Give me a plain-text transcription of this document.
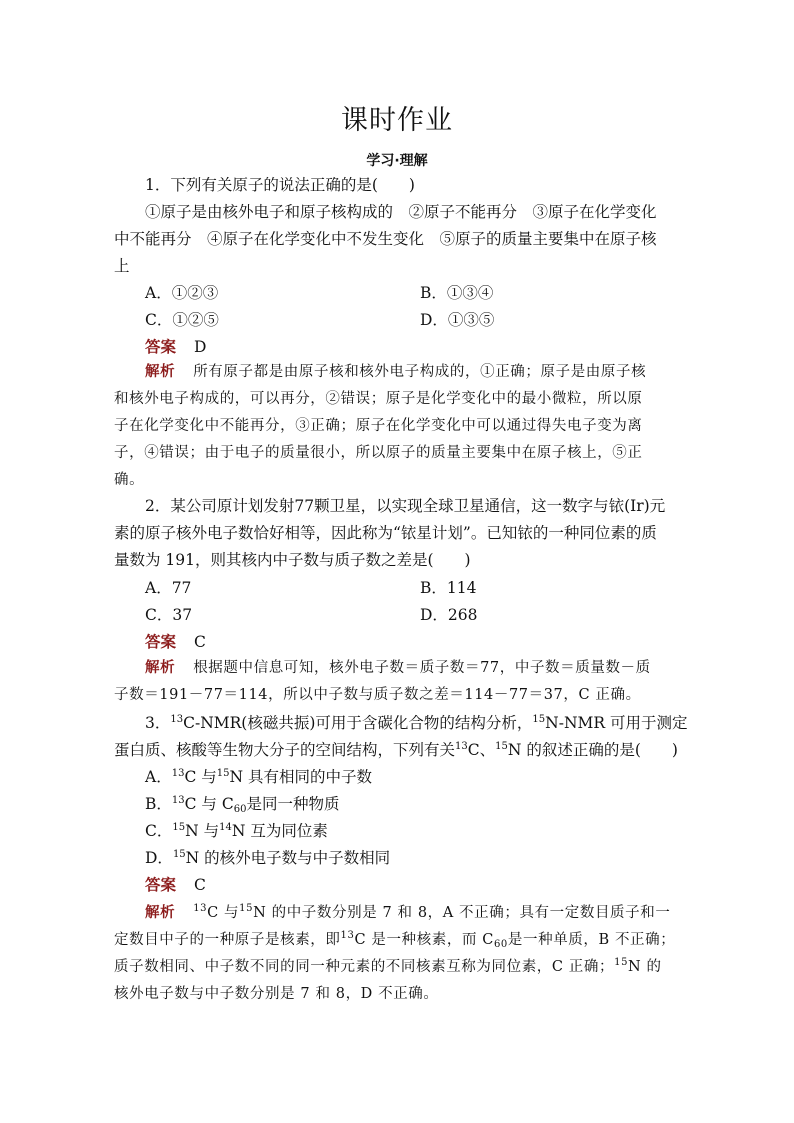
课时作业
学习·理解
1．下列有关原子的说法正确的是(　　)
①原子是由核外电子和原子核构成的　②原子不能再分　③原子在化学变化
中不能再分　④原子在化学变化中不发生变化　⑤原子的质量主要集中在原子核
上
A．①②③	B．①③④
C．①②⑤	D．①③⑤
答案 D
解析 所有原子都是由原子核和核外电子构成的，①正确；原子是由原子核
和核外电子构成的，可以再分，②错误；原子是化学变化中的最小微粒，所以原
子在化学变化中不能再分，③正确；原子在化学变化中可以通过得失电子变为离
子，④错误；由于电子的质量很小，所以原子的质量主要集中在原子核上，⑤正
确。
2．某公司原计划发射77颗卫星，以实现全球卫星通信，这一数字与铱(Ir)元
素的原子核外电子数恰好相等，因此称为“铱星计划”。已知铱的一种同位素的质
量数为 191，则其核内中子数与质子数之差是(　　)
A．77	B．114
C．37	D．268
答案 C
解析 根据题中信息可知，核外电子数＝质子数＝77，中子数＝质量数－质
子数＝191－77＝114，所以中子数与质子数之差＝114－77＝37，C 正确。
3．$^{13}$C-NMR(核磁共振)可用于含碳化合物的结构分析，$^{15}$N-NMR 可用于测定
蛋白质、核酸等生物大分子的空间结构，下列有关$^{13}$C、$^{15}$N 的叙述正确的是(　　)
A．$^{13}$C 与$^{15}$N 具有相同的中子数
B．$^{13}$C 与 $C_{60}$是同一种物质
C．$^{15}$N 与$^{14}$N 互为同位素
D．$^{15}$N 的核外电子数与中子数相同
答案 C
解析 $^{13}$C 与$^{15}$N 的中子数分别是 7 和 8，A 不正确；具有一定数目质子和一
定数目中子的一种原子是核素，即$^{13}$C 是一种核素，而 $C_{60}$是一种单质，B 不正确；
质子数相同、中子数不同的同一种元素的不同核素互称为同位素，C 正确；$^{15}$N 的
核外电子数与中子数分别是 7 和 8，D 不正确。
